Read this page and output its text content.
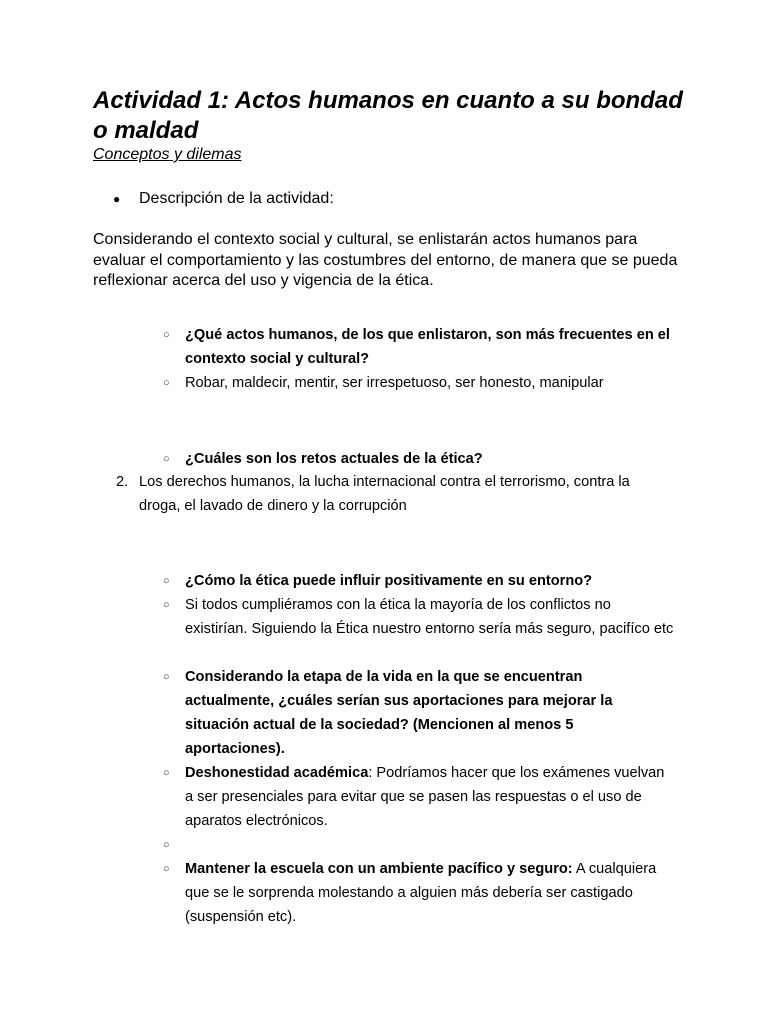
Actividad 1: Actos humanos en cuanto a su bondad o maldad
Conceptos y dilemas
● Descripción de la actividad:

Considerando el contexto social y cultural, se enlistarán actos humanos para evaluar el comportamiento y las costumbres del entorno, de manera que se pueda reflexionar acerca del uso y vigencia de la ética.

○ ¿Qué actos humanos, de los que enlistaron, son más frecuentes en el contexto social y cultural?
○ Robar, maldecir, mentir, ser irrespetuoso, ser honesto, manipular
○ ¿Cuáles son los retos actuales de la ética?
2. Los derechos humanos, la lucha internacional contra el terrorismo, contra la droga, el lavado de dinero y la corrupción
○ ¿Cómo la ética puede influir positivamente en su entorno?
○ Si todos cumpliéramos con la ética la mayoría de los conflictos no existirían. Siguiendo la Ética nuestro entorno sería más seguro, pacifíco etc
○ Considerando la etapa de la vida en la que se encuentran actualmente, ¿cuáles serían sus aportaciones para mejorar la situación actual de la sociedad? (Mencionen al menos 5 aportaciones).
○ Deshonestidad académica: Podríamos hacer que los exámenes vuelvan a ser presenciales para evitar que se pasen las respuestas o el uso de aparatos electrónicos.
○
○ Mantener la escuela con un ambiente pacífico y seguro: A cualquiera que se le sorprenda molestando a alguien más debería ser castigado (suspensión etc).
